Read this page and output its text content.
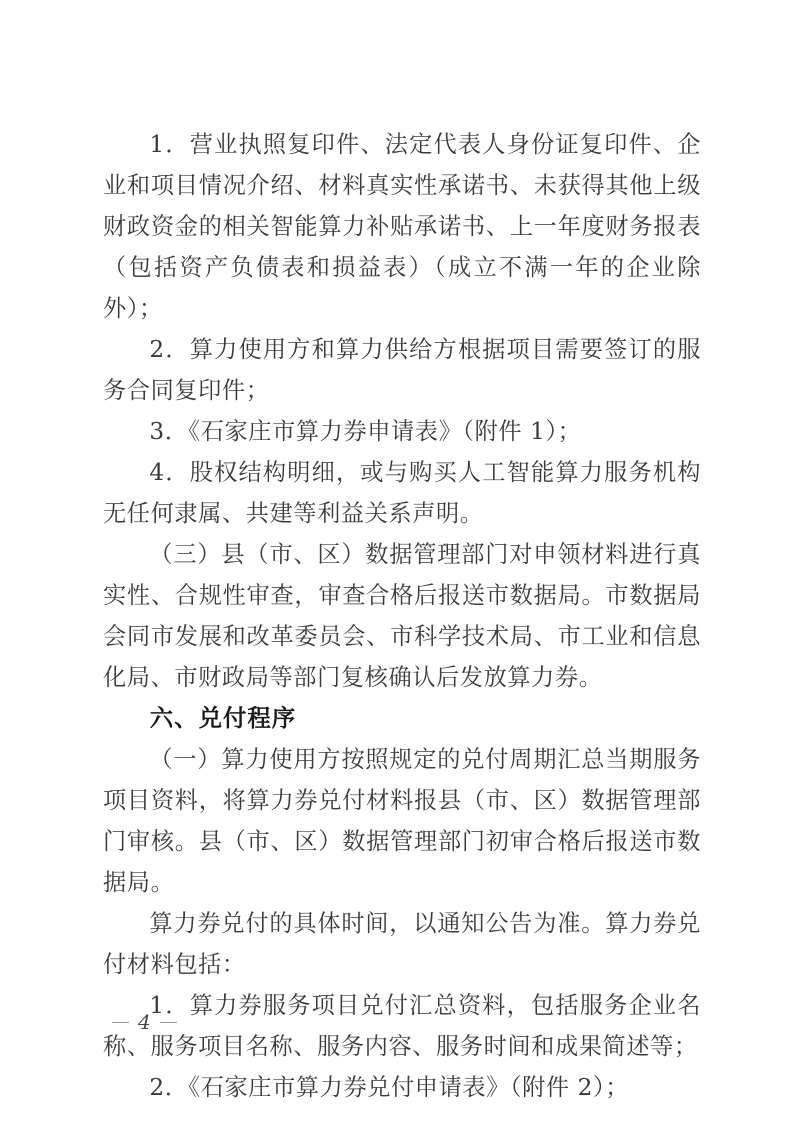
1．营业执照复印件、法定代表人身份证复印件、企业和项目情况介绍、材料真实性承诺书、未获得其他上级财政资金的相关智能算力补贴承诺书、上一年度财务报表（包括资产负债表和损益表）（成立不满一年的企业除外）；

2．算力使用方和算力供给方根据项目需要签订的服务合同复印件；

3．《石家庄市算力券申请表》（附件 1）；

4．股权结构明细，或与购买人工智能算力服务机构无任何隶属、共建等利益关系声明。

（三）县（市、区）数据管理部门对申领材料进行真实性、合规性审查，审查合格后报送市数据局。市数据局会同市发展和改革委员会、市科学技术局、市工业和信息化局、市财政局等部门复核确认后发放算力券。

六、兑付程序

（一）算力使用方按照规定的兑付周期汇总当期服务项目资料，将算力券兑付材料报县（市、区）数据管理部门审核。县（市、区）数据管理部门初审合格后报送市数据局。

算力券兑付的具体时间，以通知公告为准。算力券兑付材料包括：

1．算力券服务项目兑付汇总资料，包括服务企业名称、服务项目名称、服务内容、服务时间和成果简述等；

2．《石家庄市算力券兑付申请表》（附件 2）；

4
